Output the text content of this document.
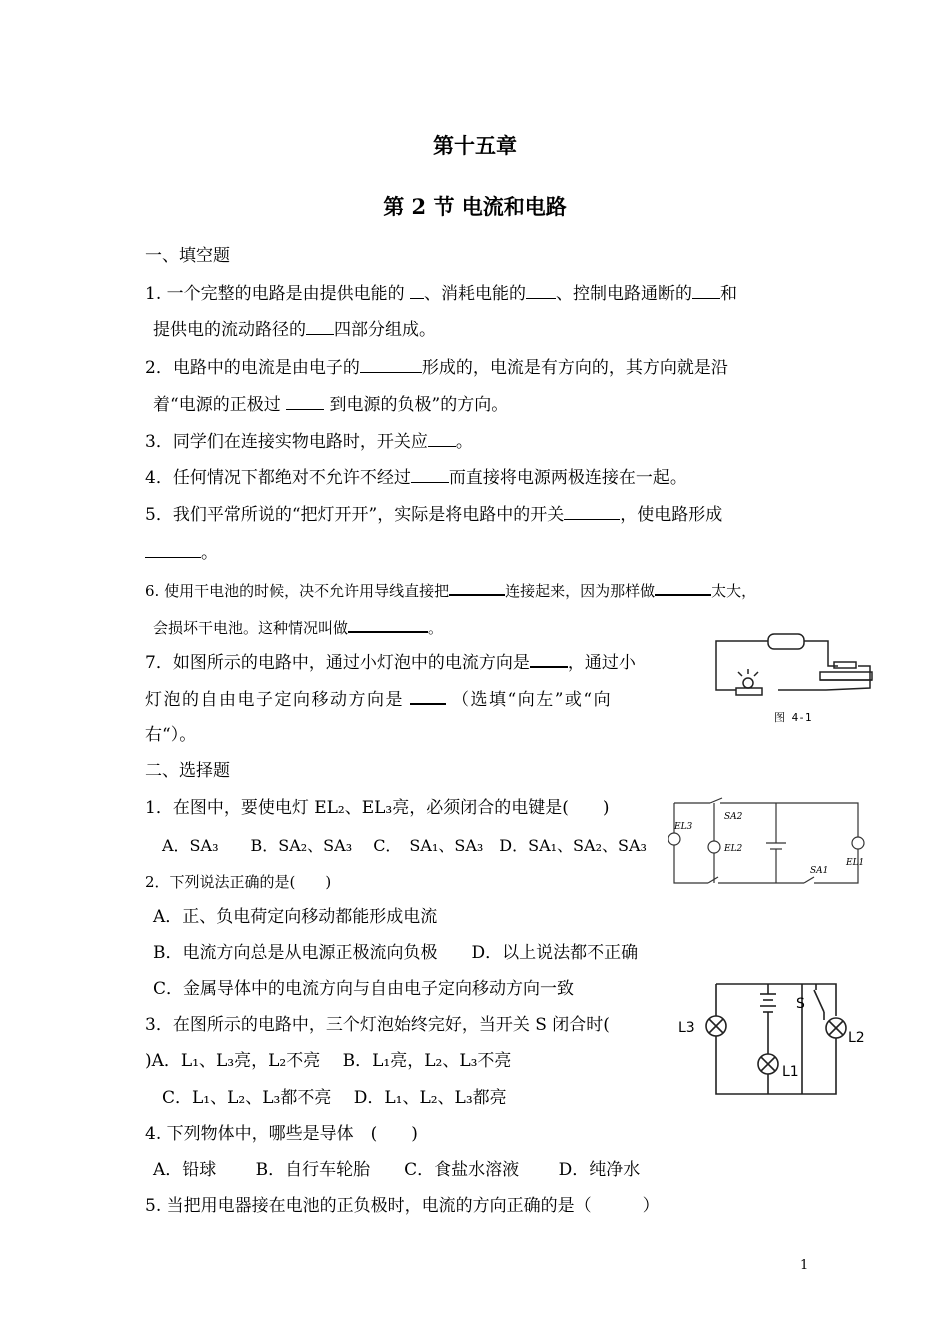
第十五章
第 2 节 电流和电路
一、填空题
1. 一个完整的电路是由提供电能的 、消耗电能的 、控制电路通断的 和
提供电的流动路径的 四部分组成。
2．电路中的电流是由电子的	形成的，电流是有方向的，其方向就是沿
着“电源的正极过  到电源的负极”的方向。
3．同学们在连接实物电路时，开关应 。
4．任何情况下都绝对不允许不经过 而直接将电源两极连接在一起。
5．我们平常所说的“把灯开开”，实际是将电路中的开关	，使电路形成
。
6. 使用干电池的时候，决不允许用导线直接把	连接起来，因为那样做	太大，
会损坏干电池。这种情况叫做	。
7．如图所示的电路中，通过小灯泡中的电流方向是 ，通过小
灯泡的自由电子定向移动方向是	（选填“向左”或“向
右“）。
图 4-1
二、选择题
1．在图中，要使电灯 EL₂、EL₃亮，必须闭合的电键是(　　)
A．SA₃　　B．SA₂、SA₃　 C．　SA₁、SA₃　D．SA₁、SA₂、SA₃
EL3
SA2
EL2
SA1
EL1
2．下列说法正确的是(　　)
A．正、负电荷定向移动都能形成电流
B．电流方向总是从电源正极流向负极　　D．以上说法都不正确
C．金属导体中的电流方向与自由电子定向移动方向一致
3．在图所示的电路中，三个灯泡始终完好，当开关 S 闭合时(
)A．L₁、L₃亮，L₂不亮　 B．L₁亮，L₂、L₃不亮
C．L₁、L₂、L₃都不亮　 D．L₁、L₂、L₃都亮
L3
S
L2
L1
4. 下列物体中，哪些是导体　(　　)
A．铅球　　 B．自行车轮胎　　C．食盐水溶液　　 D．纯净水
5. 当把用电器接在电池的正负极时，电流的方向正确的是（　　　）
1
